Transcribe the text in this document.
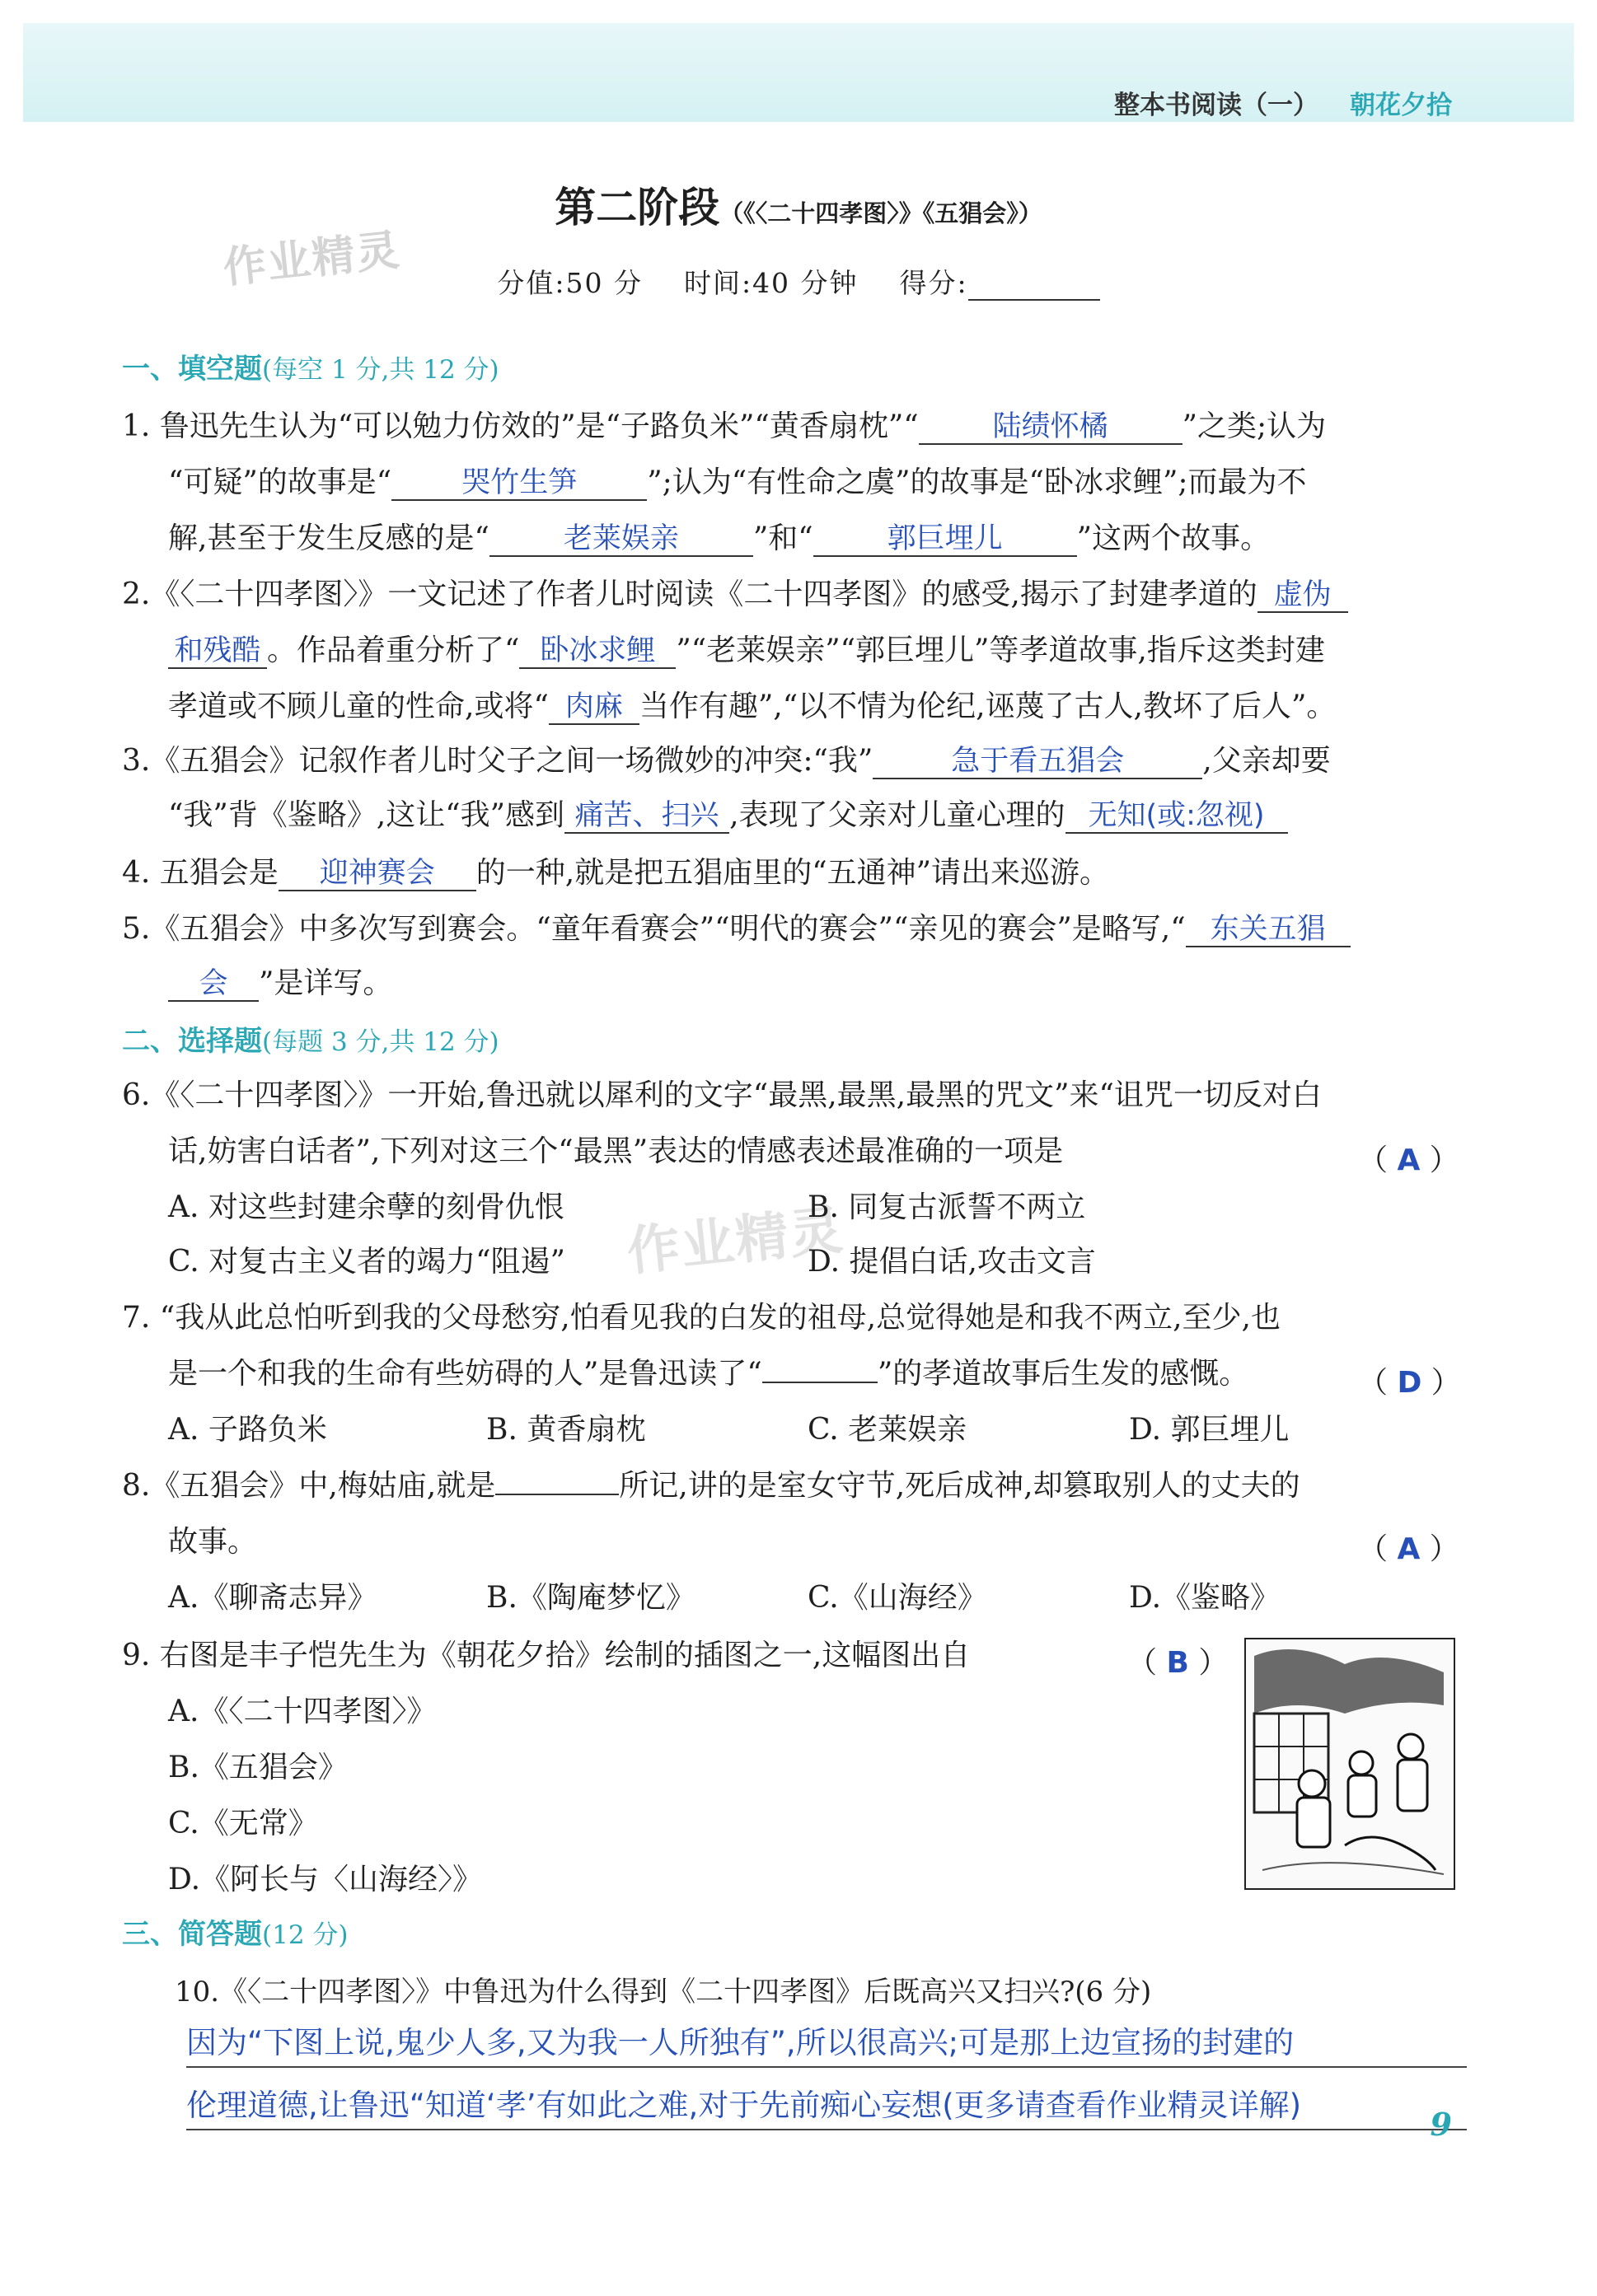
整本书阅读（一） 朝花夕拾
作业精灵
作业精灵
第二阶段（《〈二十四孝图〉》《五猖会》）
分值:50 分 时间:40 分钟 得分:
一、填空题(每空 1 分,共 12 分)
1. 鲁迅先生认为“可以勉力仿效的”是“子路负米”“黄香扇枕”“	陆绩怀橘	”之类;认为
“可疑”的故事是“ 哭竹生笋 ”;认为“有性命之虞”的故事是“卧冰求鲤”;而最为不
解,甚至于发生反感的是“	老莱娱亲	”和“	郭巨埋儿	”这两个故事。
2.《〈二十四孝图〉》一文记述了作者儿时阅读《二十四孝图》的感受,揭示了封建孝道的 虚伪
和残酷 。作品着重分析了“ 卧冰求鲤 ”“老莱娱亲”“郭巨埋儿”等孝道故事,指斥这类封建
孝道或不顾儿童的性命,或将“ 肉麻 当作有趣”,“以不情为伦纪,诬蔑了古人,教坏了后人”。
3.《五猖会》记叙作者儿时父子之间一场微妙的冲突:“我”	急于看五猖会	,父亲却要
“我”背《鉴略》,这让“我”感到 痛苦、扫兴 ,表现了父亲对儿童心理的 无知(或:忽视)
4. 五猖会是 迎神赛会 的一种,就是把五猖庙里的“五通神”请出来巡游。
5.《五猖会》中多次写到赛会。“童年看赛会”“明代的赛会”“亲见的赛会”是略写,“ 东关五猖
会 ”是详写。
二、选择题(每题 3 分,共 12 分)
6.《〈二十四孝图〉》一开始,鲁迅就以犀利的文字“最黑,最黑,最黑的咒文”来“诅咒一切反对白
话,妨害白话者”,下列对这三个“最黑”表达的情感表述最准确的一项是	（ A ）
A. 对这些封建余孽的刻骨仇恨	B. 同复古派誓不两立
C. 对复古主义者的竭力“阻遏”	D. 提倡白话,攻击文言
7. “我从此总怕听到我的父母愁穷,怕看见我的白发的祖母,总觉得她是和我不两立,至少,也
是一个和我的生命有些妨碍的人”是鲁迅读了“	”的孝道故事后生发的感慨。	（ D ）
A. 子路负米	B. 黄香扇枕	C. 老莱娱亲	D. 郭巨埋儿
8.《五猖会》中,梅姑庙,就是	所记,讲的是室女守节,死后成神,却篡取别人的丈夫的
故事。	（ A ）
A.《聊斋志异》	B.《陶庵梦忆》	C.《山海经》	D.《鉴略》
9. 右图是丰子恺先生为《朝花夕拾》绘制的插图之一,这幅图出自	（ B ）
A.《〈二十四孝图〉》
B.《五猖会》
C.《无常》
D.《阿长与〈山海经〉》
三、简答题(12 分)
10.《〈二十四孝图〉》中鲁迅为什么得到《二十四孝图》后既高兴又扫兴?(6 分)
因为“下图上说,鬼少人多,又为我一人所独有”,所以很高兴;可是那上边宣扬的封建的
伦理道德,让鲁迅“知道‘孝’有如此之难,对于先前痴心妄想(更多请查看作业精灵详解)
9
